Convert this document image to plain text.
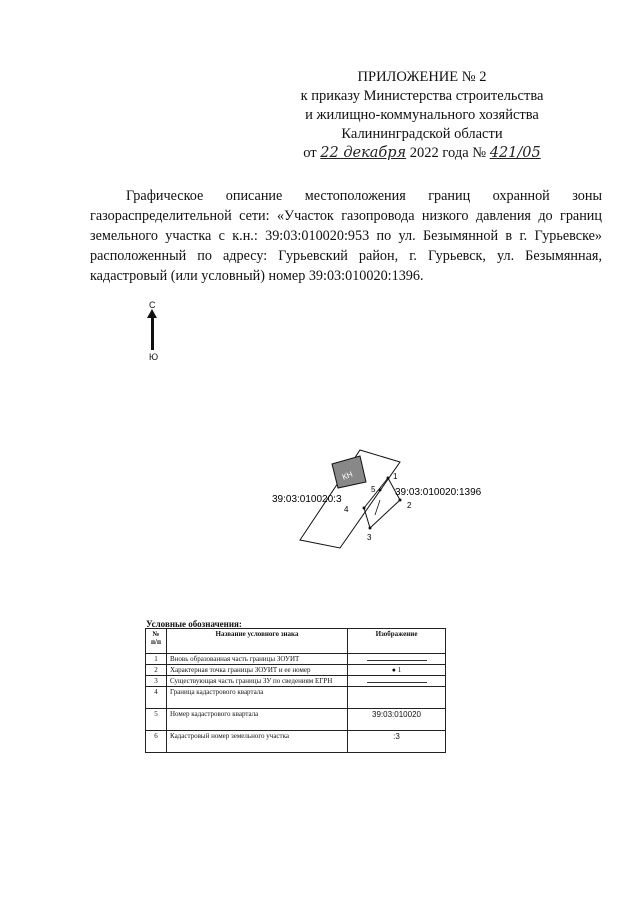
ПРИЛОЖЕНИЕ № 2
к приказу Министерства строительства
и жилищно-коммунального хозяйства
Калининградской области
от 22 декабря 2022 года № 421/05
Графическое описание местоположения границ охранной зоны газораспределительной сети: «Участок газопровода низкого давления до границ земельного участка с к.н.: 39:03:010020:953 по ул. Безымянной в г. Гурьевске» расположенный по адресу: Гурьевский район, г. Гурьевск, ул. Безымянная, кадастровый (или условный) номер 39:03:010020:1396.
С
Ю
КН	1
2
3
4
5
39:03:010020:3
39:03:010020:1396
Условные обозначения:
№ п/п	Название условного знака	Изображение
1	Вновь образованная часть границы ЗОУИТ	
2	Характерная точка границы ЗОУИТ и ее номер	● 1
3	Существующая часть границы ЗУ по сведениям ЕГРН	
4	Граница кадастрового квартала	
5	Номер кадастрового квартала	39:03:010020
6	Кадастровый номер земельного участка	:3
